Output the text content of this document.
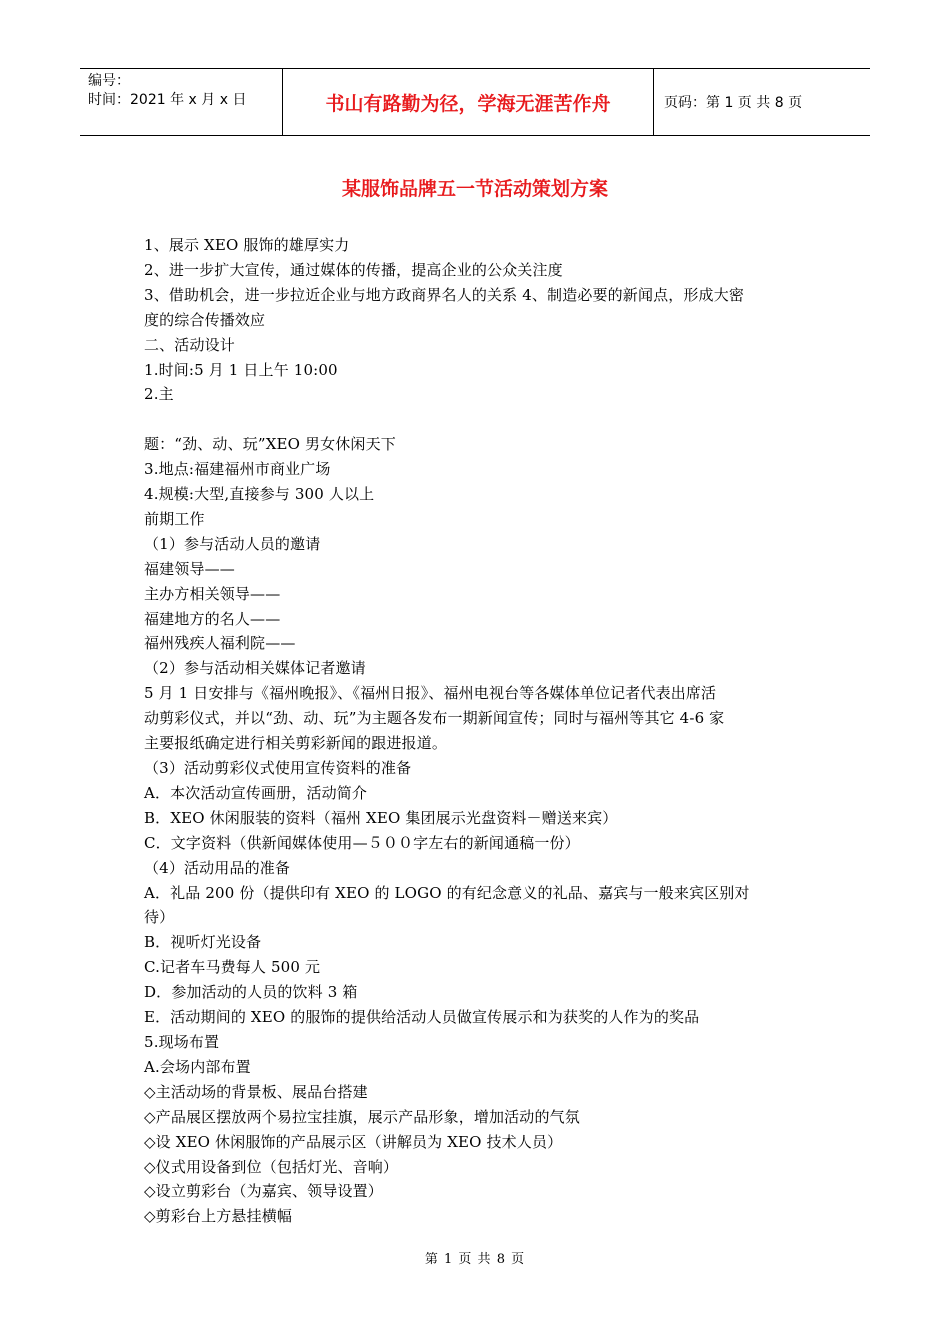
编号：
时间：2021 年 x 月 x 日	书山有路勤为径，学海无涯苦作舟	页码：第 1 页 共 8 页
某服饰品牌五一节活动策划方案

1、展示 XEO 服饰的雄厚实力

2、进一步扩大宣传，通过媒体的传播，提高企业的公众关注度

3、借助机会，进一步拉近企业与地方政商界名人的关系 4、制造必要的新闻点，形成大密

度的综合传播效应

二、活动设计

1.时间:5 月 1 日上午 10:00

2.主

题：“劲、动、玩”XEO 男女休闲天下

3.地点:福建福州市商业广场

4.规模:大型,直接参与 300 人以上

前期工作

（1）参与活动人员的邀请

福建领导——

主办方相关领导——

福建地方的名人——

福州残疾人福利院——

（2）参与活动相关媒体记者邀请

5 月 1 日安排与《福州晚报》、《福州日报》、福州电视台等各媒体单位记者代表出席活

动剪彩仪式，并以“劲、动、玩”为主题各发布一期新闻宣传；同时与福州等其它 4-6 家

主要报纸确定进行相关剪彩新闻的跟进报道。

（3）活动剪彩仪式使用宣传资料的准备

A．本次活动宣传画册，活动简介

B．XEO 休闲服装的资料（福州 XEO 集团展示光盘资料－赠送来宾）

C．文字资料（供新闻媒体使用—５００字左右的新闻通稿一份）

（4）活动用品的准备

A．礼品 200 份（提供印有 XEO 的 LOGO 的有纪念意义的礼品、嘉宾与一般来宾区别对

待）

B．视听灯光设备

C.记者车马费每人 500 元

D．参加活动的人员的饮料 3 箱

E．活动期间的 XEO 的服饰的提供给活动人员做宣传展示和为获奖的人作为的奖品

5.现场布置

A.会场内部布置

◇主活动场的背景板、展品台搭建

◇产品展区摆放两个易拉宝挂旗，展示产品形象，增加活动的气氛

◇设 XEO 休闲服饰的产品展示区（讲解员为 XEO 技术人员）

◇仪式用设备到位（包括灯光、音响）

◇设立剪彩台（为嘉宾、领导设置）

◇剪彩台上方悬挂横幅

第 1 页 共 8 页
